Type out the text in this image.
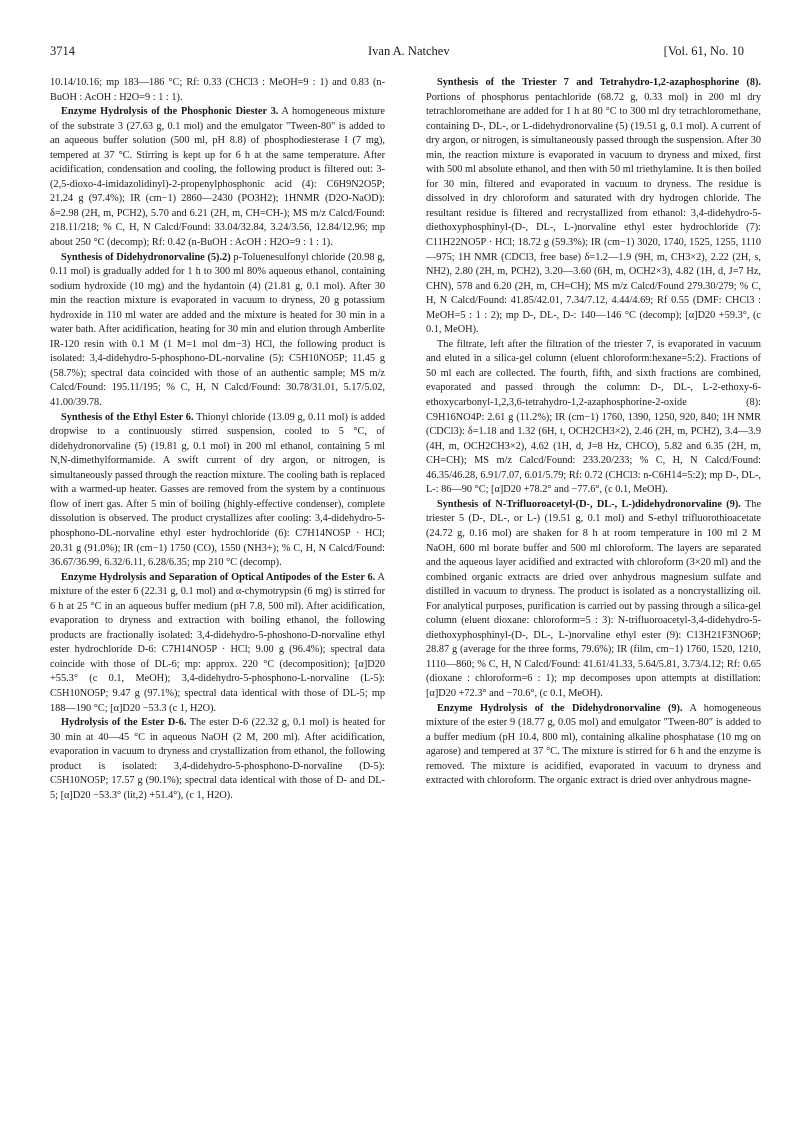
3714	Ivan A. Natchev	[Vol. 61, No. 10

10.14/10.16; mp 183—186 °C; Rf: 0.33 (CHCl3 : MeOH=9 : 1) and 0.83 (n-BuOH : AcOH : H2O=9 : 1 : 1).

Enzyme Hydrolysis of the Phosphonic Diester 3. A homogeneous mixture of the substrate 3 (27.63 g, 0.1 mol) and the emulgator "Tween-80" is added to an aqueous buffer solution (500 ml, pH 8.8) of phosphodiesterase I (7 mg), tempered at 37 °C. Stirring is kept up for 6 h at the same temperature. After acidification, condensation and cooling, the following product is filtered out: 3-(2,5-dioxo-4-imidazolidinyl)-2-propenylphosphonic acid (4): C6H9N2O5P; 21.24 g (97.4%); IR (cm−1) 2860—2430 (PO3H2); 1HNMR (D2O-NaOD): δ=2.98 (2H, m, PCH2), 5.70 and 6.21 (2H, m, CH=CH-); MS m/z Calcd/Found: 218.11/218; % C, H, N Calcd/Found: 33.04/32.84, 3.24/3.56, 12.84/12.96; mp about 250 °C (decomp); Rf: 0.42 (n-BuOH : AcOH : H2O=9 : 1 : 1).

Synthesis of Didehydronorvaline (5).2) p-Toluenesulfonyl chloride (20.98 g, 0.11 mol) is gradually added for 1 h to 300 ml 80% aqueous ethanol, containing sodium hydroxide (10 mg) and the hydantoin (4) (21.81 g, 0.1 mol). After 30 min the reaction mixture is evaporated in vacuum to dryness, 20 g potassium hydroxide in 110 ml water are added and the mixture is heated for 30 min in a water bath. After acidification, heating for 30 min and elution through Amberlite IR-120 resin with 0.1 M (1 M=1 mol dm−3) HCl, the following product is isolated: 3,4-didehydro-5-phosphono-DL-norvaline (5): C5H10NO5P; 11.45 g (58.7%); spectral data coincided with those of an authentic sample; MS m/z Calcd/Found: 195.11/195; % C, H, N Calcd/Found: 30.78/31.01, 5.17/5.02, 41.00/39.78.

Synthesis of the Ethyl Ester 6. Thionyl chloride (13.09 g, 0.11 mol) is added dropwise to a continuously stirred suspension, cooled to 5 °C, of didehydronorvaline (5) (19.81 g, 0.1 mol) in 200 ml ethanol, containing 5 ml N,N-dimethylformamide. A swift current of dry argon, or nitrogen, is simultaneously passed through the reaction mixture. The cooling bath is replaced with a warmed-up heater. Gasses are removed from the system by a continuous flow of inert gas. After 5 min of boiling (highly-effective condenser), complete dissolution is observed. The product crystallizes after cooling: 3,4-didehydro-5-phosphono-DL-norvaline ethyl ester hydrochloride (6): C7H14NO5P · HCl; 20.31 g (91.0%); IR (cm−1) 1750 (CO), 1550 (NH3+); % C, H, N Calcd/Found: 36.67/36.99, 6.32/6.11, 6.28/6.35; mp 210 °C (decomp).

Enzyme Hydrolysis and Separation of Optical Antipodes of the Ester 6. A mixture of the ester 6 (22.31 g, 0.1 mol) and α-chymotrypsin (6 mg) is stirred for 6 h at 25 °C in an aqueous buffer medium (pH 7.8, 500 ml). After acidification, evaporation to dryness and extraction with boiling ethanol, the following products are fractionally isolated: 3,4-didehydro-5-phoshono-D-norvaline ethyl ester hydrochloride D-6: C7H14NO5P · HCl; 9.00 g (96.4%); spectral data coincide with those of DL-6; mp: approx. 220 °C (decomposition); [α]D20 +55.3° (c 0.1, MeOH); 3,4-didehydro-5-phosphono-L-norvaline (L-5): C5H10NO5P; 9.47 g (97.1%); spectral data identical with those of DL-5; mp 188—190 °C; [α]D20 −53.3 (c 1, H2O).

Hydrolysis of the Ester D-6. The ester D-6 (22.32 g, 0.1 mol) is heated for 30 min at 40—45 °C in aqueous NaOH (2 M, 200 ml). After acidification, evaporation in vacuum to dryness and crystallization from ethanol, the following product is isolated: 3,4-didehydro-5-phosphono-D-norvaline (D-5): C5H10NO5P; 17.57 g (90.1%); spectral data identical with those of D- and DL-5; [α]D20 −53.3° (lit,2) +51.4°), (c 1, H2O).

Synthesis of the Triester 7 and Tetrahydro-1,2-azaphosphorine (8). Portions of phosphorus pentachloride (68.72 g, 0.33 mol) in 200 ml dry tetrachloromethane are added for 1 h at 80 °C to 300 ml dry tetrachloromethane, containing D-, DL-, or L-didehydronorvaline (5) (19.51 g, 0.1 mol). A current of dry argon, or nitrogen, is simultaneously passed through the suspension. After 30 min, the reaction mixture is evaporated in vacuum to dryness and mixed, first with 500 ml absolute ethanol, and then with 50 ml triethylamine. It is then boiled for 30 min, filtered and evaporated in vacuum to dryness. The residue is dissolved in dry chloroform and saturated with dry hydrogen chloride. The resultant residue is filtered and recrystallized from ethanol: 3,4-didehydro-5-diethoxyphosphinyl-(D-, DL-, L-)norvaline ethyl ester hydrochloride (7): C11H22NO5P · HCl; 18.72 g (59.3%); IR (cm−1) 3020, 1740, 1525, 1255, 1110—975; 1H NMR (CDCl3, free base) δ=1.2—1.9 (9H, m, CH3×2), 2.22 (2H, s, NH2), 2.80 (2H, m, PCH2), 3.20—3.60 (6H, m, OCH2×3), 4.82 (1H, d, J=7 Hz, CHN), 578 and 6.20 (2H, m, CH=CH); MS m/z Calcd/Found 279.30/279; % C, H, N Calcd/Found: 41.85/42.01, 7.34/7.12, 4.44/4.69; Rf 0.55 (DMF: CHCl3 : MeOH=5 : 1 : 2); mp D-, DL-, D-: 140—146 °C (decomp); [α]D20 +59.3°, (c 0.1, MeOH).

The filtrate, left after the filtration of the triester 7, is evaporated in vacuum and eluted in a silica-gel column (eluent chloroform:hexane=5:2). Fractions of 50 ml each are collected. The fourth, fifth, and sixth fractions are combined, evaporated and passed through the column: D-, DL-, L-2-ethoxy-6-ethoxycarbonyl-1,2,3,6-tetrahydro-1,2-azaphosphorine-2-oxide (8): C9H16NO4P: 2.61 g (11.2%); IR (cm−1) 1760, 1390, 1250, 920, 840; 1H NMR (CDCl3): δ=1.18 and 1.32 (6H, t, OCH2CH3×2), 2.46 (2H, m, PCH2), 3.4—3.9 (4H, m, OCH2CH3×2), 4.62 (1H, d, J=8 Hz, CHCO), 5.82 and 6.35 (2H, m, CH=CH); MS m/z Calcd/Found: 233.20/233; % C, H, N Calcd/Found: 46.35/46.28, 6.91/7.07, 6.01/5.79; Rf: 0.72 (CHCl3: n-C6H14=5:2); mp D-, DL-, L-: 86—90 °C; [α]D20 +78.2° and −77.6°, (c 0.1, MeOH).

Synthesis of N-Trifluoroacetyl-(D-, DL-, L-)didehydronorvaline (9). The triester 5 (D-, DL-, or L-) (19.51 g, 0.1 mol) and S-ethyl trifluorothioacetate (24.72 g, 0.16 mol) are shaken for 8 h at room temperature in 100 ml 2 M NaOH, 600 ml borate buffer and 500 ml chloroform. The layers are separated and the aqueous layer acidified and extracted with chloroform (3×20 ml) and the combined organic extracts are dried over anhydrous magnesium sulfate and distilled in vacuum to dryness. The product is isolated as a noncrystallizing oil. For analytical purposes, purification is carried out by passing through a silica-gel column (eluent dioxane: chloroform=5 : 3): N-trifluoroacetyl-3,4-didehydro-5-diethoxyphosphinyl-(D-, DL-, L-)norvaline ethyl ester (9): C13H21F3NO6P; 28.87 g (average for the three forms, 79.6%); IR (film, cm−1) 1760, 1520, 1210, 1110—860; % C, H, N Calcd/Found: 41.61/41.33, 5.64/5.81, 3.73/4.12; Rf: 0.65 (dioxane : chloroform=6 : 1); mp decomposes upon attempts at distillation: [α]D20 +72.3° and −70.6°, (c 0.1, MeOH).

Enzyme Hydrolysis of the Didehydronorvaline (9). A homogeneous mixture of the ester 9 (18.77 g, 0.05 mol) and emulgator "Tween-80" is added to a buffer medium (pH 10.4, 800 ml), containing alkaline phosphatase (10 mg on agarose) and tempered at 37 °C. The mixture is stirred for 6 h and the enzyme is removed. The mixture is acidified, evaporated in vacuum to dryness and extracted with chloroform. The organic extract is dried over anhydrous magne-
